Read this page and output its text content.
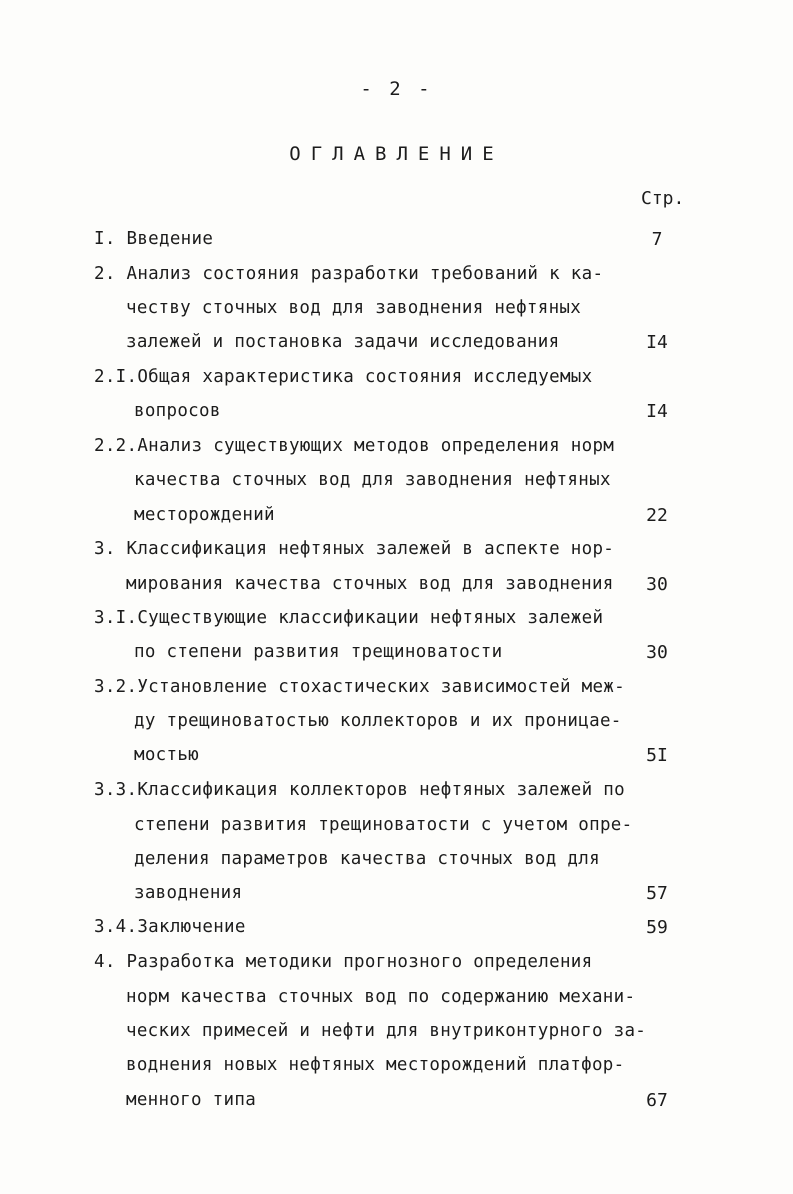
- 2 -
ОГЛАВЛЕНИЕ
Стр.
I. Введение	7
2. Анализ состояния разработки требований к ка-
честву сточных вод для заводнения нефтяных
залежей и постановка задачи исследования	I4
2.I.Общая характеристика состояния исследуемых
вопросов	I4
2.2.Анализ существующих методов определения норм
качества сточных вод для заводнения нефтяных
месторождений	22
3. Классификация нефтяных залежей в аспекте нор-
мирования качества сточных вод для заводнения	30
3.I.Существующие классификации нефтяных залежей
по степени развития трещиноватости	30
3.2.Установление стохастических зависимостей меж-
ду трещиноватостью коллекторов и их проницае-
мостью	5I
3.3.Классификация коллекторов нефтяных залежей по
степени развития трещиноватости с учетом опре-
деления параметров качества сточных вод для
заводнения	57
3.4.Заключение	59
4. Разработка методики прогнозного определения
норм качества сточных вод по содержанию механи-
ческих примесей и нефти для внутриконтурного за-
воднения новых нефтяных месторождений платфор-
менного типа	67
